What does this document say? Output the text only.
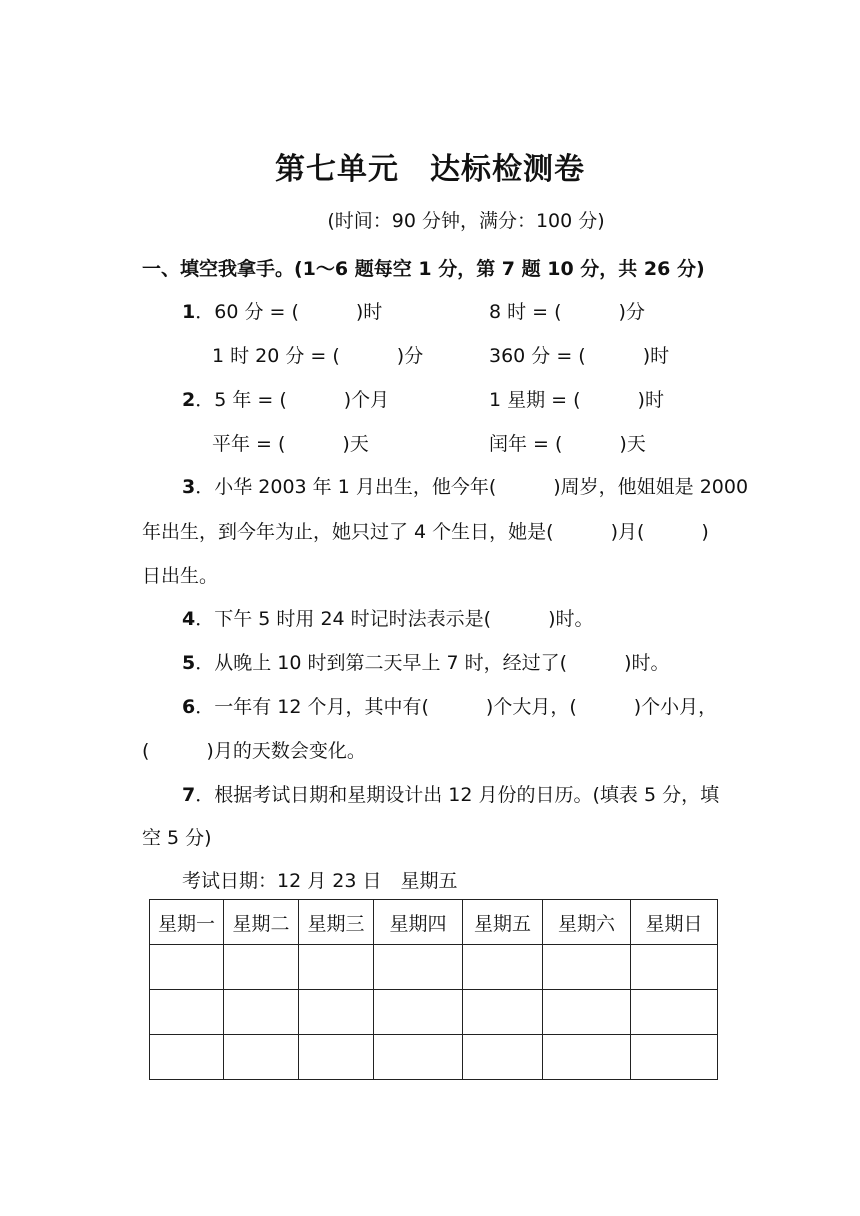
第七单元　达标检测卷
(时间：90 分钟，满分：100 分)
一、填空我拿手。(1～6 题每空 1 分，第 7 题 10 分，共 26 分)
1．60 分 = (　　　)时	8 时 = (　　　)分
1 时 20 分 = (　　　)分	360 分 = (　　　)时
2．5 年 = (　　　)个月	1 星期 = (　　　)时
平年 = (　　　)天	闰年 = (　　　)天
3．小华 2003 年 1 月出生，他今年(　　　)周岁，他姐姐是 2000
年出生，到今年为止，她只过了 4 个生日，她是(　　　)月(　　　)
日出生。
4．下午 5 时用 24 时记时法表示是(　　　)时。
5．从晚上 10 时到第二天早上 7 时，经过了(　　　)时。
6．一年有 12 个月，其中有(　　　)个大月，(　　　)个小月，
(　　　)月的天数会变化。
7．根据考试日期和星期设计出 12 月份的日历。(填表 5 分，填
空 5 分)
考试日期：12 月 23 日　星期五
星期一	星期二	星期三	星期四	星期五	星期六	星期日
